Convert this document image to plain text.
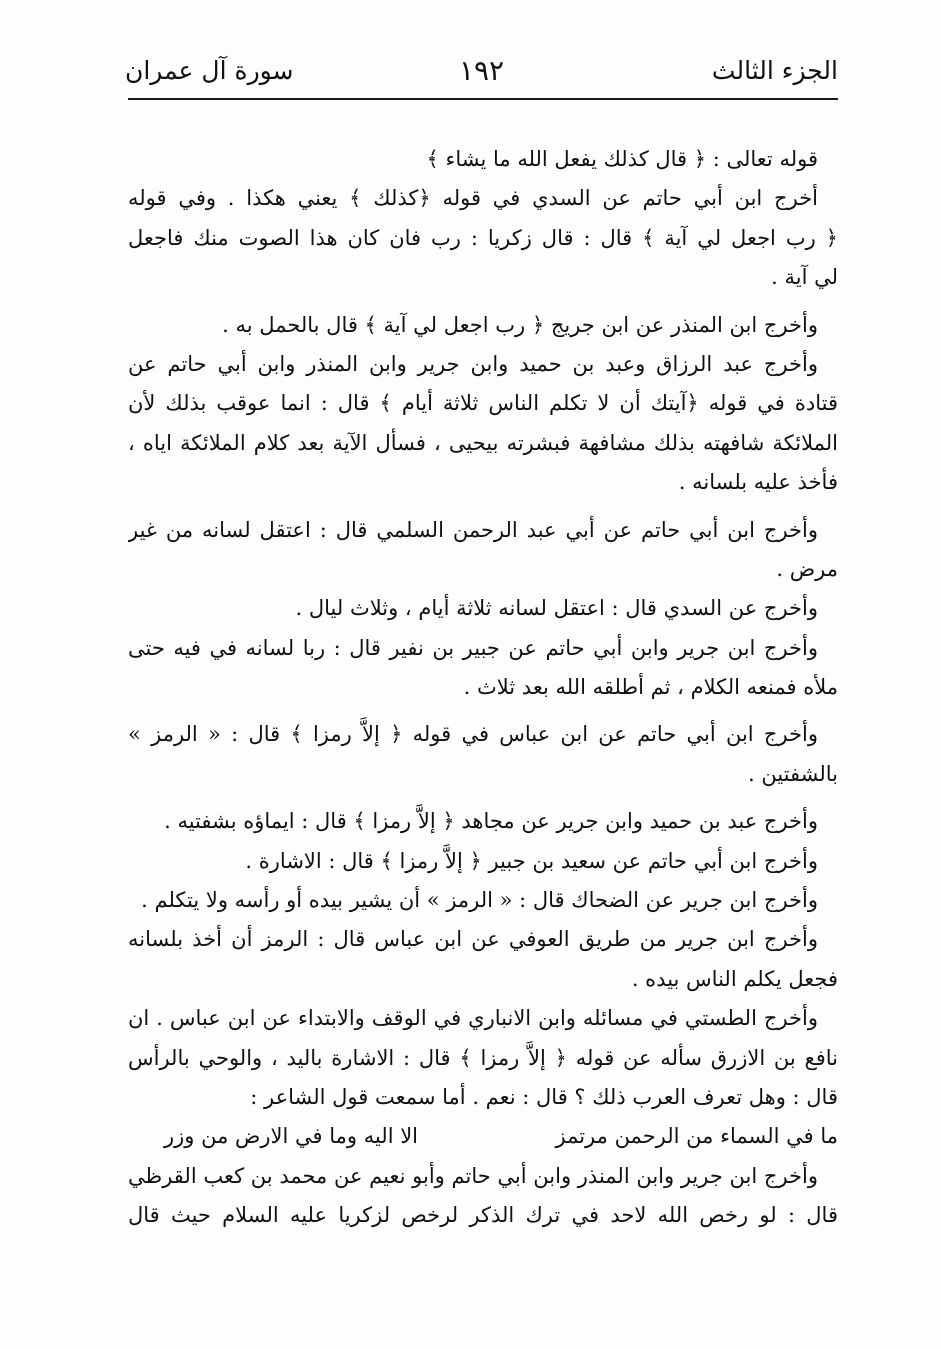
الجزء الثالث
١٩٢
سورة آل عمران
قوله تعالى : ﴿ قال كذلك يفعل الله ما يشاء ﴾
أخرج ابن أبي حاتم عن السدي في قوله ﴿كذلك ﴾ يعني هكذا . وفي قوله
﴿ رب اجعل لي آية ﴾ قال : قال زكريا : رب فان كان هذا الصوت منك فاجعل
لي آية .
وأخرج ابن المنذر عن ابن جريج ﴿ رب اجعل لي آية ﴾ قال بالحمل به .
وأخرج عبد الرزاق وعبد بن حميد وابن جرير وابن المنذر وابن أبي حاتم عن
قتادة في قوله ﴿آيتك أن لا تكلم الناس ثلاثة أيام ﴾ قال : انما عوقب بذلك لأن
الملائكة شافهته بذلك مشافهة فبشرته بيحيى ، فسأل الآية بعد كلام الملائكة اياه ،
فأخذ عليه بلسانه .
وأخرج ابن أبي حاتم عن أبي عبد الرحمن السلمي قال : اعتقل لسانه من غير
مرض .
وأخرج عن السدي قال : اعتقل لسانه ثلاثة أيام ، وثلاث ليال .
وأخرج ابن جرير وابن أبي حاتم عن جبير بن نفير قال : ربا لسانه في فيه حتى
ملأه فمنعه الكلام ، ثم أطلقه الله بعد ثلاث .
وأخرج ابن أبي حاتم عن ابن عباس في قوله ﴿ إلاَّ رمزا ﴾ قال : « الرمز »
بالشفتين .
وأخرج عبد بن حميد وابن جرير عن مجاهد ﴿ إلاَّ رمزا ﴾ قال : ايماؤه بشفتيه .
وأخرج ابن أبي حاتم عن سعيد بن جبير ﴿ إلاَّ رمزا ﴾ قال : الاشارة .
وأخرج ابن جرير عن الضحاك قال : « الرمز » أن يشير بيده أو رأسه ولا يتكلم .
وأخرج ابن جرير من طريق العوفي عن ابن عباس قال : الرمز أن أخذ بلسانه
فجعل يكلم الناس بيده .
وأخرج الطستي في مسائله وابن الانباري في الوقف والابتداء عن ابن عباس . ان
نافع بن الازرق سأله عن قوله ﴿ إلاَّ رمزا ﴾ قال : الاشارة باليد ، والوحي بالرأس
قال : وهل تعرف العرب ذلك ؟ قال : نعم . أما سمعت قول الشاعر :
ما في السماء من الرحمن مرتمز
الا اليه وما في الارض من وزر
وأخرج ابن جرير وابن المنذر وابن أبي حاتم وأبو نعيم عن محمد بن كعب القرظي
قال : لو رخص الله لاحد في ترك الذكر لرخص لزكريا عليه السلام حيث قال
